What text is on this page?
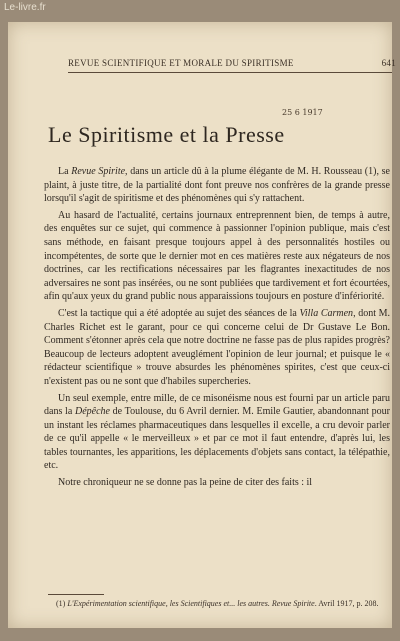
REVUE SCIENTIFIQUE ET MORALE DU SPIRITISME	641
25 6 1917
Le Spiritisme et la Presse

La Revue Spirite, dans un article dû à la plume élégante de M. H. Rousseau (1), se plaint, à juste titre, de la partialité dont font preuve nos confrères de la grande presse lorsqu'il s'agit de spiritisme et des phénomènes qui s'y rattachent.

Au hasard de l'actualité, certains journaux entreprennent bien, de temps à autre, des enquêtes sur ce sujet, qui commence à passionner l'opinion publique, mais c'est sans méthode, en faisant presque toujours appel à des personnalités hostiles ou incompétentes, de sorte que le dernier mot en ces matières reste aux négateurs de nos doctrines, car les rectifications nécessaires par les flagrantes inexactitudes de nos adversaires ne sont pas insérées, ou ne sont publiées que tardivement et fort écourtées, afin qu'aux yeux du grand public nous apparaissions toujours en posture d'infériorité.

C'est la tactique qui a été adoptée au sujet des séances de la Villa Carmen, dont M. Charles Richet est le garant, pour ce qui concerne celui de Dr Gustave Le Bon. Comment s'étonner après cela que notre doctrine ne fasse pas de plus rapides progrès? Beaucoup de lecteurs adoptent aveuglément l'opinion de leur journal; et puisque le « rédacteur scientifique » trouve absurdes les phénomènes spirites, c'est que ceux-ci n'existent pas ou ne sont que d'habiles supercheries.

Un seul exemple, entre mille, de ce misonéisme nous est fourni par un article paru dans la Dépêche de Toulouse, du 6 Avril dernier. M. Emile Gautier, abandonnant pour un instant les réclames pharmaceutiques dans lesquelles il excelle, a cru devoir parler de ce qu'il appelle « le merveilleux » et par ce mot il faut entendre, d'après lui, les tables tournantes, les apparitions, les déplacements d'objets sans contact, la télépathie, etc.

Notre chroniqueur ne se donne pas la peine de citer des faits : il

(1) L'Expérimentation scientifique, les Scientifiques et... les autres. Revue Spirite. Avril 1917, p. 208.

Le-livre.fr
